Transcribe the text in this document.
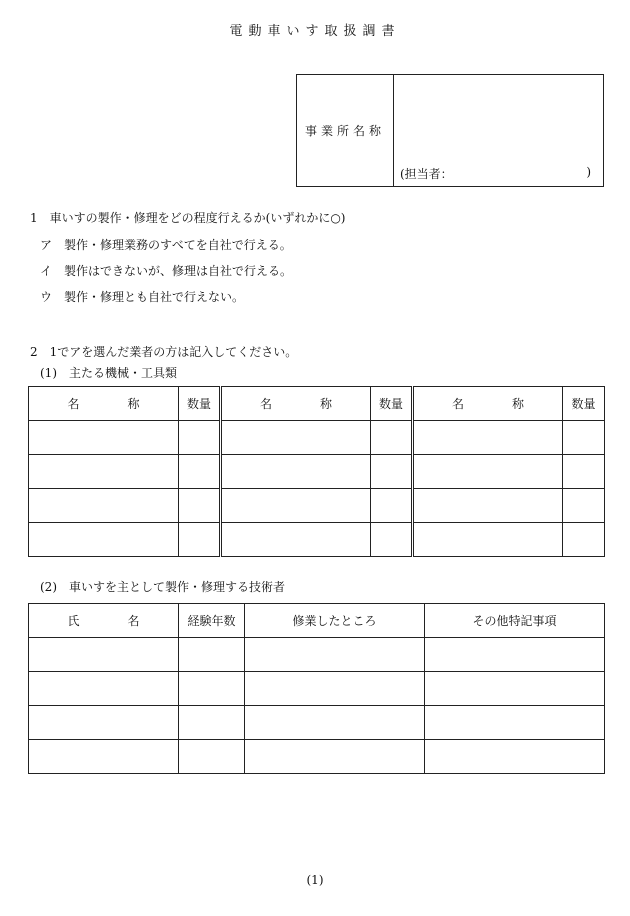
電動車いす取扱調書
事業所名称	
(担当者：	)
1　車いすの製作・修理をどの程度行えるか(いずれかに○)
ア　製作・修理業務のすべてを自社で行える。
イ　製作はできないが、修理は自社で行える。
ウ　製作・修理とも自社で行えない。
2　1でアを選んだ業者の方は記入してください。
(1)　主たる機械・工具類
名　　　　称	数量	名　　　　称	数量	名　　　　称	数量

(2)　車いすを主として製作・修理する技術者
氏　　　　名	経験年数	修業したところ	その他特記事項

(1)
